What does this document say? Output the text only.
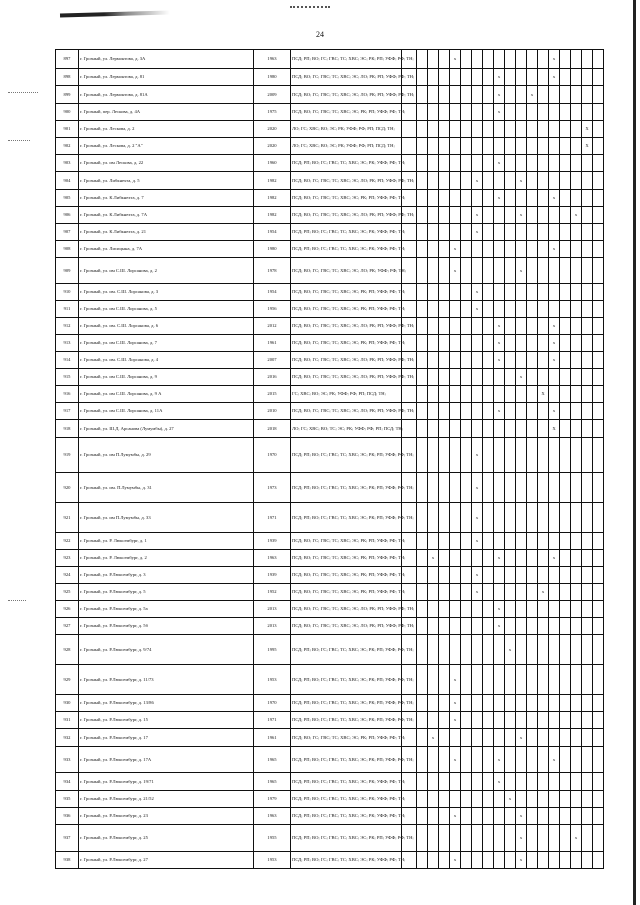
24
897	г. Грозный, ул. Лермонтова, д. 3А	1963	ПСД; РП; ВО; ГС; ГВС; ТС; ХВС; ЭС; РК; РП; УФФ; РФ; ТН;					x									x				
898	г. Грозный, ул. Лермонтова, д. 81	1980	ПСД; ВО; ГС; ГВС; ТС; ХВС; ЭС; ЛО; РК; РП; УФФ; РФ; ТН;									x					x				
899	г. Грозный, ул. Лермонтова, д. 81А	2009	ПСД; ВО; ГС; ГВС; ТС; ХВС; ЭС; ЛО; РК; РП; УФФ; РФ; ТН;									x			x						
900	г. Грозный, пер. Лескова, д. 4А	1975	ПСД; ВО; ГС; ГВС; ТС; ХВС; ЭС; РК; РП; УФФ; РФ; ТН;									x									
901	г. Грозный, ул. Лескова, д. 2	2020	ЛО; ГС; ХВС; ВО; ЭС; РК; УФФ; РФ; РП; ПСД; ТН;																	X	
902	г. Грозный, ул. Лескова, д. 2 "А"	2020	ЛО; ГС; ХВС; ВО; ЭС; РК; УФФ; РФ; РП; ПСД; ТН;																	X	
903	г. Грозный, ул. им Лескова, д. 22	1960	ПСД; РП; ВО; ГС; ГВС; ТС; ХВС; ЭС; РК; УФФ; РФ; ТН;									x									
904	г. Грозный, ул. Либкнехта, д. 5	1982	ПСД; ВО; ГС; ГВС; ТС; ХВС; ЭС; ЛО; РК; РП; УФФ; РФ; ТН;							x				x							
905	г. Грозный, ул. К.Либкнехта, д. 7	1982	ПСД; ВО; ГС; ГВС; ТС; ХВС; ЭС; РК; РП; УФФ; РФ; ТН;									x					x				
906	г. Грозный, ул. К.Либкнехта, д. 7А	1982	ПСД; ВО; ГС; ГВС; ТС; ХВС; ЭС; ЛО; РК; РП; УФФ; РФ; ТН;							x				x					x		
907	г. Грозный, ул. К.Либкнехта, д. 21	1954	ПСД; РП; ВО; ГС; ГВС; ТС; ХВС; ЭС; РК; УФФ; РФ; ТН;							x											
908	г. Грозный, ул. Лисицына, д. 7А	1980	ПСД; РП; ВО; ГС; ГВС; ТС; ХВС; ЭС; РК; УФФ; РФ; ТН;					x									x				
909	г. Грозный, ул. им С.Ш. Лорсанова, д. 2	1978	ПСД; ВО; ГС; ГВС; ТС; ХВС; ЭС; ЛО; РК; УФФ; РФ; ТН;					x						x							
910	г. Грозный, ул. им. С.Ш. Лорсанова, д. 3	1954	ПСД; ВО; ГС; ГВС; ТС; ХВС; ЭС; РК; РП; УФФ; РФ; ТН;							x											
911	г. Грозный, ул. им С.Ш. Лорсанова, д. 5	1956	ПСД; ВО; ГС; ГВС; ТС; ХВС; ЭС; РК; РП; УФФ; РФ; ТН;							x											
912	г. Грозный, ул. им. С.Ш. Лорсанова, д. 6	2012	ПСД; ВО; ГС; ГВС; ТС; ХВС; ЭС; ЛО; РК; РП; УФФ; РФ; ТН;									x					x				
913	г. Грозный, ул. им С.Ш. Лорсанова, д. 7	1961	ПСД; ВО; ГС; ГВС; ТС; ХВС; ЭС; РК; РП; УФФ; РФ; ТН;									x					x				
914	г. Грозный, ул. им. С.Ш. Лорсанова, д. 4	2007	ПСД; ВО; ГС; ГВС; ТС; ХВС; ЭС; ЛО; РК; РП; УФФ; РФ; ТН;									x					x				
915	г. Грозный, ул. им С.Ш. Лорсанова, д. 9	2016	ПСД; ВО; ГС; ГВС; ТС; ХВС; ЭС; ЛО; РК; РП; УФФ; РФ; ТН;											x							
916	г. Грозный, ул. им С.Ш. Лорсанова, д. 9 А	2015	ГС; ХВС; ВО; ЭС; РК; УФФ; РФ; РП; ПСД; ТН;													X					
917	г. Грозный, ул. им С.Ш. Лорсанова, д. 11А	2010	ПСД; ВО; ГС; ГВС; ТС; ХВС; ЭС; ЛО; РК; РП; УФФ; РФ; ТН;									x					x				
918	г. Грозный, ул. Ш.Д. Арсанова (Лумумбы), д. 27	2018	ЛО; ГС; ХВС; ВО; ТС; ЭС; РК; УФФ; РФ; РП; ПСД; ТН;														X				
919	г. Грозный, ул. им П.Лумумбы, д. 29	1970	ПСД; РП; ВО; ГС; ГВС; ТС; ХВС; ЭС; РК; РП; УФФ; РФ; ТН;							x											
920	г. Грозный, ул. им. П.Лумумбы, д. 31	1973	ПСД; РП; ВО; ГС; ГВС; ТС; ХВС; ЭС; РК; РП; УФФ; РФ; ТН;							x											
921	г. Грозный, ул. им П.Лумумбы, д. 33	1971	ПСД; РП; ВО; ГС; ГВС; ТС; ХВС; ЭС; РК; РП; УФФ; РФ; ТН;							x											
922	г. Грозный, ул. Р. Люксембург, д. 1	1939	ПСД; ВО; ГС; ГВС; ТС; ХВС; ЭС; РК; РП; УФФ; РФ; ТН;							x											
923	г. Грозный, ул. Р. Люксембург, д. 2	1963	ПСД; ВО; ГС; ГВС; ТС; ХВС; ЭС; РК; РП; УФФ; РФ; ТН;			x						x					x				
924	г. Грозный, ул. Р.Люксембург, д. 3	1939	ПСД; ВО; ГС; ГВС; ТС; ХВС; ЭС; РК; РП; УФФ; РФ; ТН;							x											
925	г. Грозный, ул. Р.Люксембург, д. 5	1952	ПСД; ВО; ГС; ГВС; ТС; ХВС; ЭС; РК; РП; УФФ; РФ; ТН;							x						x					
926	г. Грозный, ул. Р.Люксембург, д. 5а	2013	ПСД; ВО; ГС; ГВС; ТС; ХВС; ЭС; ЛО; РК; РП; УФФ; РФ; ТН;									x									
927	г. Грозный, ул. Р.Люксембург, д. 5б	2013	ПСД; ВО; ГС; ГВС; ТС; ХВС; ЭС; ЛО; РК; РП; УФФ; РФ; ТН;									x									
928	г. Грозный, ул. Р.Люксембург, д. 9/74	1995	ПСД; РП; ВО; ГС; ГВС; ТС; ХВС; ЭС; РК; РП; УФФ; РФ; ТН;										x								
929	г. Грозный, ул. Р.Люксембург, д. 11/73	1953	ПСД; РП; ВО; ГС; ГВС; ТС; ХВС; ЭС; РК; РП; УФФ; РФ; ТН;					x													
930	г. Грозный, ул. Р.Люксембург, д. 13/86	1970	ПСД; РП; ВО; ГС; ГВС; ТС; ХВС; ЭС; РК; РП; УФФ; РФ; ТН;					x													
931	г. Грозный, ул. Р.Люксембург, д. 15	1971	ПСД; РП; ВО; ГС; ГВС; ТС; ХВС; ЭС; РК; РП; УФФ; РФ; ТН;					x													
932	г. Грозный, ул. Р.Люксембург, д. 17	1961	ПСД; ВО; ГС; ГВС; ТС; ХВС; ЭС; РК; РП; УФФ; РФ; ТН;			x								x							
933	г. Грозный, ул. Р.Люксембург, д. 17А	1965	ПСД; РП; ВО; ГС; ГВС; ТС; ХВС; ЭС; РК; РП; УФФ; РФ; ТН;					x				x					x				
934	г. Грозный, ул. Р.Люксембург, д. 19/71	1965	ПСД; РП; ВО; ГС; ГВС; ТС; ХВС; ЭС; РК; УФФ; РФ; ТН;									x									
935	г. Грозный, ул. Р.Люксембург, д. 21/52	1979	ПСД; РП; ВО; ГС; ГВС; ТС; ХВС; ЭС; РК; УФФ; РФ; ТН;										x								
936	г. Грозный, ул. Р.Люксембург, д. 23	1963	ПСД; РП; ВО; ГС; ГВС; ТС; ХВС; ЭС; РК; УФФ; РФ; ТН;					x						x							
937	г. Грозный, ул. Р.Люксембург, д. 25	1955	ПСД; РП; ВО; ГС; ГВС; ТС; ХВС; ЭС; РК; РП; УФФ; РФ; ТН;											x					x		
938	г. Грозный, ул. Р.Люксембург, д. 27	1953	ПСД; РП; ВО; ГС; ГВС; ТС; ХВС; ЭС; РК; УФФ; РФ; ТН;					x						x							
